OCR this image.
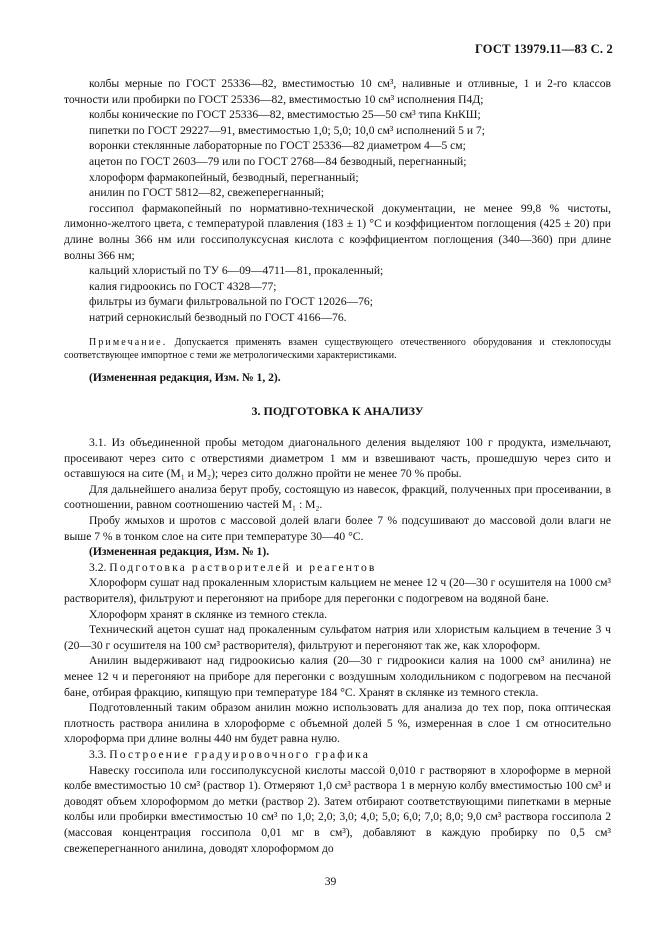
ГОСТ 13979.11—83 С. 2

колбы мерные по ГОСТ 25336—82, вместимостью 10 см³, наливные и отливные, 1 и 2-го классов точности или пробирки по ГОСТ 25336—82, вместимостью 10 см³ исполнения П4Д;

колбы конические по ГОСТ 25336—82, вместимостью 25—50 см³ типа КнКШ;

пипетки по ГОСТ 29227—91, вместимостью 1,0; 5,0; 10,0 см³ исполнений 5 и 7;

воронки стеклянные лабораторные по ГОСТ 25336—82 диаметром 4—5 см;

ацетон по ГОСТ 2603—79 или по ГОСТ 2768—84 безводный, перегнанный;

хлороформ фармакопейный, безводный, перегнанный;

анилин по ГОСТ 5812—82, свежеперегнанный;

госсипол фармакопейный по нормативно-технической документации, не менее 99,8 % чистоты, лимонно-желтого цвета, с температурой плавления (183 ± 1) °С и коэффициентом поглощения (425 ± 20) при длине волны 366 нм или госсиполуксусная кислота с коэффициентом поглощения (340—360) при длине волны 366 нм;

кальций хлористый по ТУ 6—09—4711—81, прокаленный;

калия гидроокись по ГОСТ 4328—77;

фильтры из бумаги фильтровальной по ГОСТ 12026—76;

натрий сернокислый безводный по ГОСТ 4166—76.

Примечание. Допускается применять взамен существующего отечественного оборудования и стеклопосуды соответствующее импортное с теми же метрологическими характеристиками.

(Измененная редакция, Изм. № 1, 2).

3. ПОДГОТОВКА К АНАЛИЗУ

3.1. Из объединенной пробы методом диагонального деления выделяют 100 г продукта, измельчают, просеивают через сито с отверстиями диаметром 1 мм и взвешивают часть, прошедшую через сито и оставшуюся на сите (M₁ и M₂); через сито должно пройти не менее 70 % пробы.

Для дальнейшего анализа берут пробу, состоящую из навесок, фракций, полученных при просеивании, в соотношении, равном соотношению частей M₁ : M₂.

Пробу жмыхов и шротов с массовой долей влаги более 7 % подсушивают до массовой доли влаги не выше 7 % в тонком слое на сите при температуре 30—40 °С.

(Измененная редакция, Изм. № 1).

3.2. Подготовка растворителей и реагентов

Хлороформ сушат над прокаленным хлористым кальцием не менее 12 ч (20—30 г осушителя на 1000 см³ растворителя), фильтруют и перегоняют на приборе для перегонки с подогревом на водяной бане.

Хлороформ хранят в склянке из темного стекла.

Технический ацетон сушат над прокаленным сульфатом натрия или хлористым кальцием в течение 3 ч (20—30 г осушителя на 100 см³ растворителя), фильтруют и перегоняют так же, как хлороформ.

Анилин выдерживают над гидроокисью калия (20—30 г гидроокиси калия на 1000 см³ анилина) не менее 12 ч и перегоняют на приборе для перегонки с воздушным холодильником с подогревом на песчаной бане, отбирая фракцию, кипящую при температуре 184 °С. Хранят в склянке из темного стекла.

Подготовленный таким образом анилин можно использовать для анализа до тех пор, пока оптическая плотность раствора анилина в хлороформе с объемной долей 5 %, измеренная в слое 1 см относительно хлороформа при длине волны 440 нм будет равна нулю.

3.3. Построение градуировочного графика

Навеску госсипола или госсиполуксусной кислоты массой 0,010 г растворяют в хлороформе в мерной колбе вместимостью 10 см³ (раствор 1). Отмеряют 1,0 см³ раствора 1 в мерную колбу вместимостью 100 см³ и доводят объем хлороформом до метки (раствор 2). Затем отбирают соответствующими пипетками в мерные колбы или пробирки вместимостью 10 см³ по 1,0; 2,0; 3,0; 4,0; 5,0; 6,0; 7,0; 8,0; 9,0 см³ раствора госсипола 2 (массовая концентрация госсипола 0,01 мг в см³), добавляют в каждую пробирку по 0,5 см³ свежеперегнанного анилина, доводят хлороформом до

39
